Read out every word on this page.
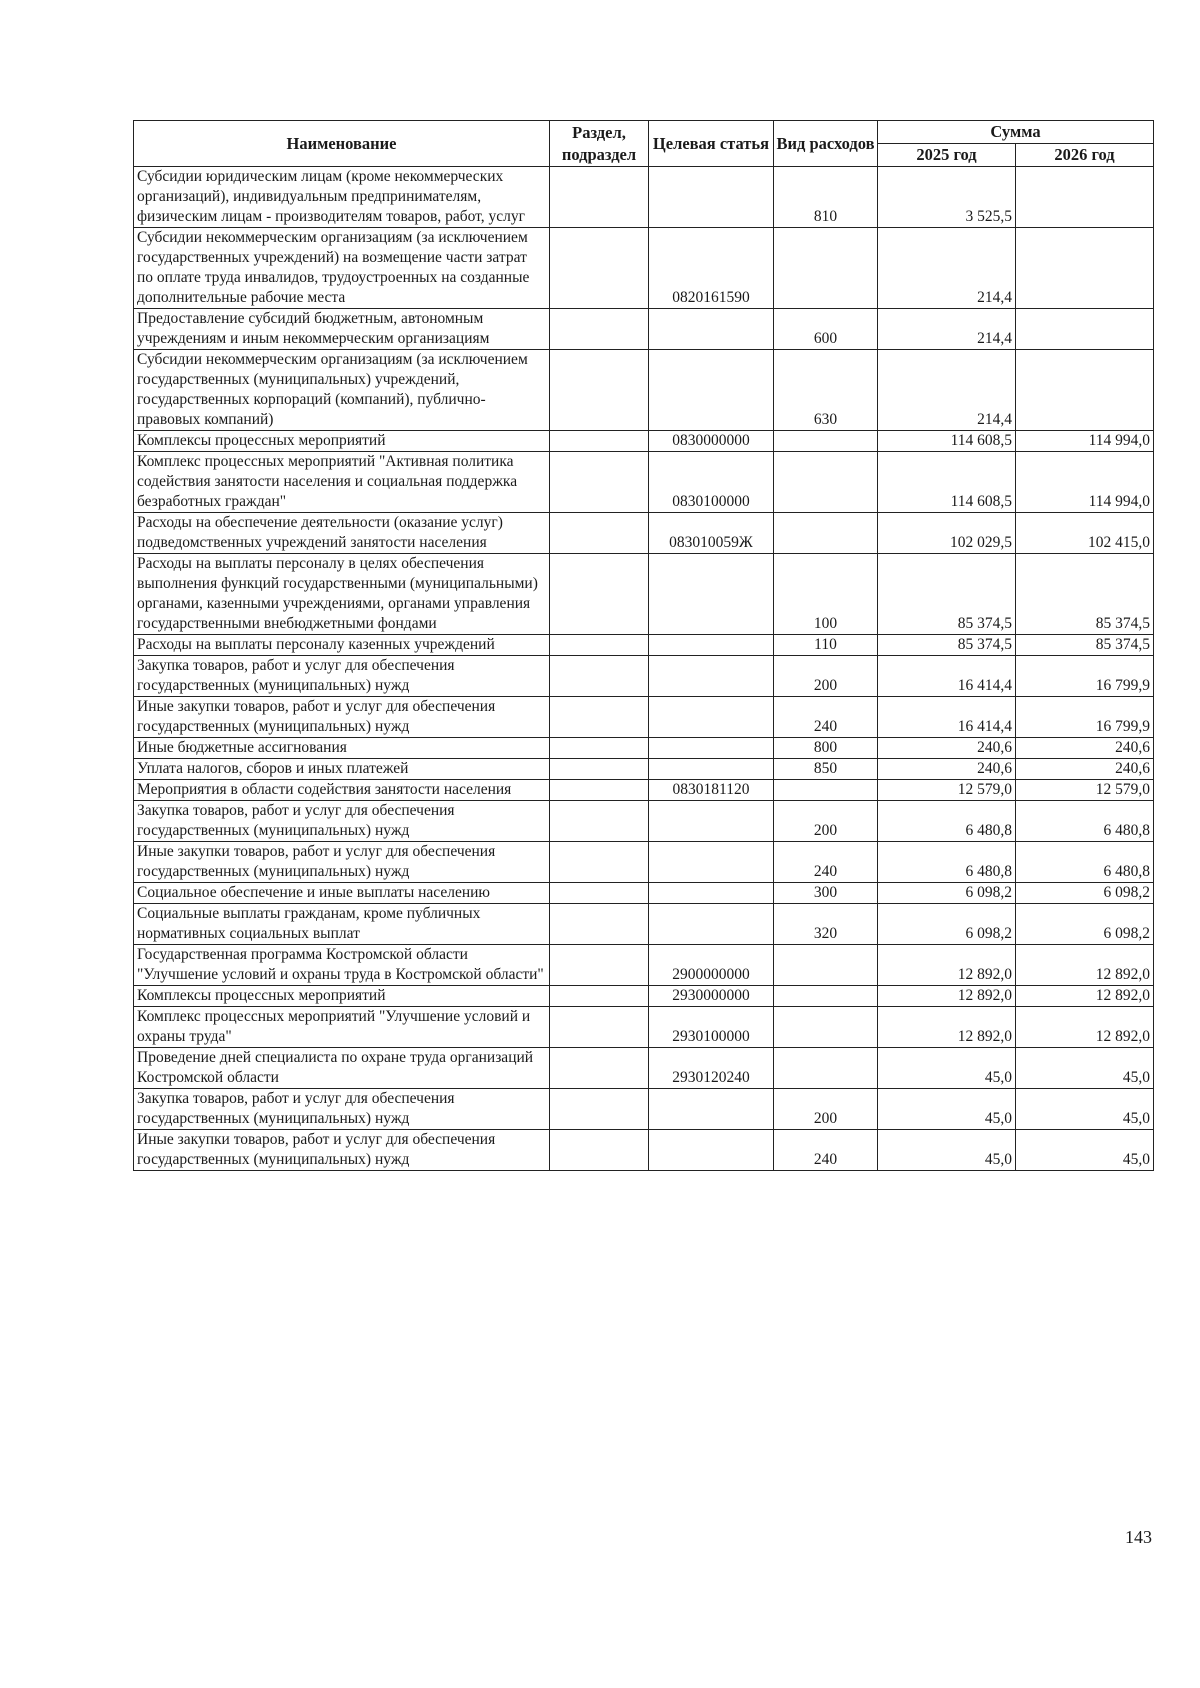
Наименование	Раздел, подраздел	Целевая статья	Вид расходов	Сумма	
				2025 год	2026 год
Субсидии юридическим лицам (кроме некоммерческих организаций), индивидуальным предпринимателям, физическим лицам - производителям товаров, работ, услуг			810	3 525,5	
Субсидии некоммерческим организациям (за исключением государственных учреждений) на возмещение части затрат по оплате труда инвалидов, трудоустроенных на созданные дополнительные рабочие места		0820161590		214,4	
Предоставление субсидий бюджетным, автономным учреждениям и иным некоммерческим организациям			600	214,4	
Субсидии некоммерческим организациям (за исключением государственных (муниципальных) учреждений, государственных корпораций (компаний), публично-правовых компаний)			630	214,4	
Комплексы процессных мероприятий		0830000000		114 608,5	114 994,0
Комплекс процессных мероприятий "Активная политика содействия занятости населения и социальная поддержка безработных граждан"		0830100000		114 608,5	114 994,0
Расходы на обеспечение деятельности (оказание услуг) подведомственных учреждений занятости населения		083010059Ж		102 029,5	102 415,0
Расходы на выплаты персоналу в целях обеспечения выполнения функций государственными (муниципальными) органами, казенными учреждениями, органами управления государственными внебюджетными фондами			100	85 374,5	85 374,5
Расходы на выплаты персоналу казенных учреждений			110	85 374,5	85 374,5
Закупка товаров, работ и услуг для обеспечения государственных (муниципальных) нужд			200	16 414,4	16 799,9
Иные закупки товаров, работ и услуг для обеспечения государственных (муниципальных) нужд			240	16 414,4	16 799,9
Иные бюджетные ассигнования			800	240,6	240,6
Уплата налогов, сборов и иных платежей			850	240,6	240,6
Мероприятия в области содействия занятости населения		0830181120		12 579,0	12 579,0
Закупка товаров, работ и услуг для обеспечения государственных (муниципальных) нужд			200	6 480,8	6 480,8
Иные закупки товаров, работ и услуг для обеспечения государственных (муниципальных) нужд			240	6 480,8	6 480,8
Социальное обеспечение и иные выплаты населению			300	6 098,2	6 098,2
Социальные выплаты гражданам, кроме публичных нормативных социальных выплат			320	6 098,2	6 098,2
Государственная программа Костромской области "Улучшение условий и охраны труда в Костромской области"		2900000000		12 892,0	12 892,0
Комплексы процессных мероприятий		2930000000		12 892,0	12 892,0
Комплекс процессных мероприятий "Улучшение условий и охраны труда"		2930100000		12 892,0	12 892,0
Проведение дней специалиста по охране труда организаций Костромской области		2930120240		45,0	45,0
Закупка товаров, работ и услуг для обеспечения государственных (муниципальных) нужд			200	45,0	45,0
Иные закупки товаров, работ и услуг для обеспечения государственных (муниципальных) нужд			240	45,0	45,0
143
